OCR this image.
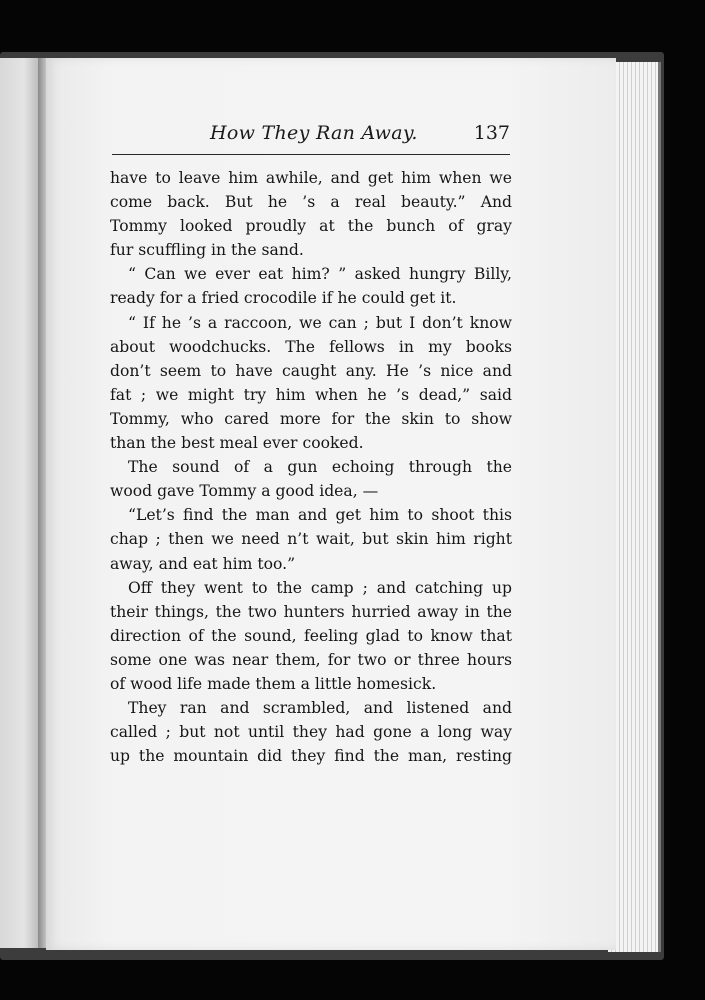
How They Ran Away.	137
have to leave him awhile, and get him when we
come back. But he ’s a real beauty.” And
Tommy looked proudly at the bunch of gray
fur scuffling in the sand.
“ Can we ever eat him? ” asked hungry Billy,
ready for a fried crocodile if he could get it.
“ If he ’s a raccoon, we can ; but I don’t know
about woodchucks. The fellows in my books
don’t seem to have caught any. He ’s nice and
fat ; we might try him when he ’s dead,” said
Tommy, who cared more for the skin to show
than the best meal ever cooked.
The sound of a gun echoing through the
wood gave Tommy a good idea, —
“Let’s find the man and get him to shoot this
chap ; then we need n’t wait, but skin him right
away, and eat him too.”
Off they went to the camp ; and catching up
their things, the two hunters hurried away in the
direction of the sound, feeling glad to know that
some one was near them, for two or three hours
of wood life made them a little homesick.
They ran and scrambled, and listened and
called ; but not until they had gone a long way
up the mountain did they find the man, resting
